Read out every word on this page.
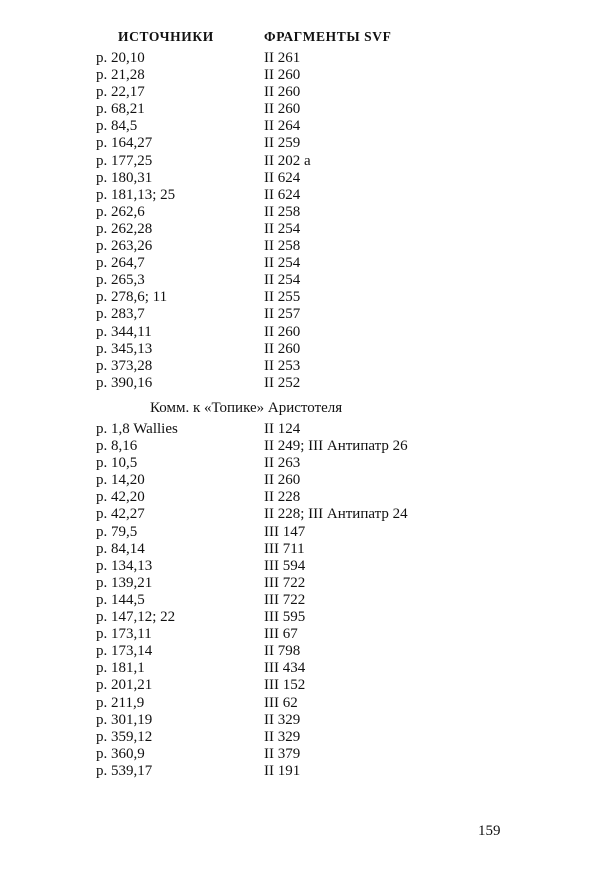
ИСТОЧНИКИ	ФРАГМЕНТЫ SVF
p. 20,10	II 261
p. 21,28	II 260
p. 22,17	II 260
p. 68,21	II 260
p. 84,5	II 264
p. 164,27	II 259
p. 177,25	II 202 a
p. 180,31	II 624
p. 181,13; 25	II 624
p. 262,6	II 258
p. 262,28	II 254
p. 263,26	II 258
p. 264,7	II 254
p. 265,3	II 254
p. 278,6; 11	II 255
p. 283,7	II 257
p. 344,11	II 260
p. 345,13	II 260
p. 373,28	II 253
p. 390,16	II 252
Комм. к «Топике» Аристотеля
p. 1,8 Wallies	II 124
p. 8,16	II 249; III Антипатр 26
p. 10,5	II 263
p. 14,20	II 260
p. 42,20	II 228
p. 42,27	II 228; III Антипатр 24
p. 79,5	III 147
p. 84,14	III 711
p. 134,13	III 594
p. 139,21	III 722
p. 144,5	III 722
p. 147,12; 22	III 595
p. 173,11	III 67
p. 173,14	II 798
p. 181,1	III 434
p. 201,21	III 152
p. 211,9	III 62
p. 301,19	II 329
p. 359,12	II 329
p. 360,9	II 379
p. 539,17	II 191
159
